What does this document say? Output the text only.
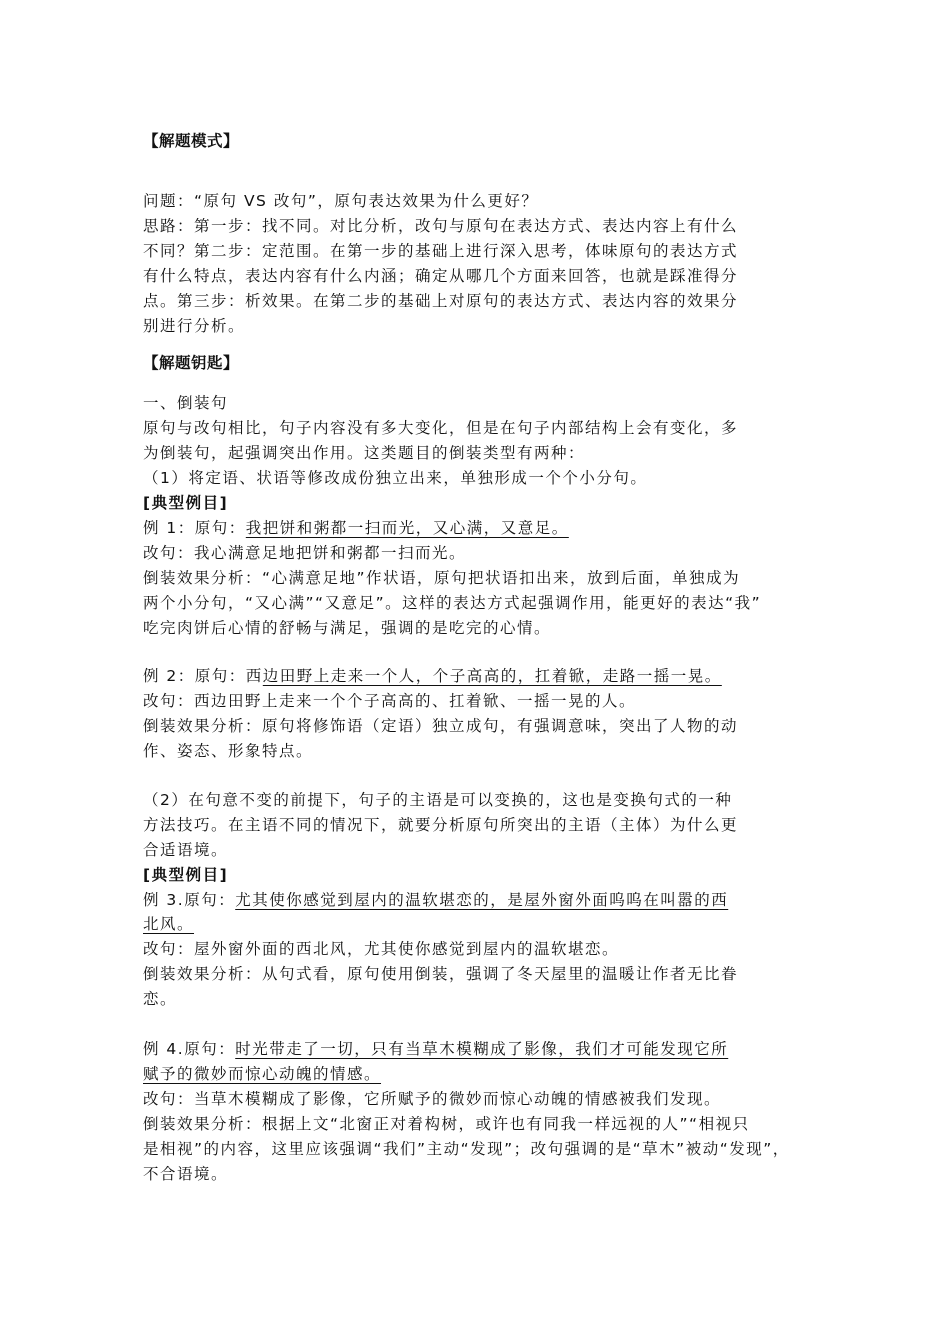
【解题模式】
问题：“原句 VS 改句”，原句表达效果为什么更好？
思路：第一步：找不同。对比分析，改句与原句在表达方式、表达内容上有什么
不同？第二步：定范围。在第一步的基础上进行深入思考，体味原句的表达方式
有什么特点，表达内容有什么内涵；确定从哪几个方面来回答，也就是踩准得分
点。第三步：析效果。在第二步的基础上对原句的表达方式、表达内容的效果分
别进行分析。
【解题钥匙】
一、倒装句
原句与改句相比，句子内容没有多大变化，但是在句子内部结构上会有变化，多
为倒装句，起强调突出作用。这类题目的倒装类型有两种：
（1）将定语、状语等修改成份独立出来，单独形成一个个小分句。
[典型例目]
例 1：原句：我把饼和粥都一扫而光，又心满，又意足。
改句：我心满意足地把饼和粥都一扫而光。
倒装效果分析：“心满意足地”作状语，原句把状语扣出来，放到后面，单独成为
两个小分句，“又心满”“又意足”。这样的表达方式起强调作用，能更好的表达“我”
吃完肉饼后心情的舒畅与满足，强调的是吃完的心情。
例 2：原句：西边田野上走来一个人，个子高高的，扛着锨，走路一摇一晃。
改句：西边田野上走来一个个子高高的、扛着锨、一摇一晃的人。
倒装效果分析：原句将修饰语（定语）独立成句，有强调意味，突出了人物的动
作、姿态、形象特点。
（2）在句意不变的前提下，句子的主语是可以变换的，这也是变换句式的一种
方法技巧。在主语不同的情况下，就要分析原句所突出的主语（主体）为什么更
合适语境。
[典型例目]
例 3.原句：尤其使你感觉到屋内的温软堪恋的，是屋外窗外面呜呜在叫嚣的西
北风。
改句：屋外窗外面的西北风，尤其使你感觉到屋内的温软堪恋。
倒装效果分析：从句式看，原句使用倒装，强调了冬天屋里的温暖让作者无比眷
恋。
例 4.原句：时光带走了一切，只有当草木模糊成了影像，我们才可能发现它所
赋予的微妙而惊心动魄的情感。
改句：当草木模糊成了影像，它所赋予的微妙而惊心动魄的情感被我们发现。
倒装效果分析：根据上文“北窗正对着构树，或许也有同我一样远视的人”“相视只
是相视”的内容，这里应该强调“我们”主动“发现”；改句强调的是“草木”被动“发现”，
不合语境。
